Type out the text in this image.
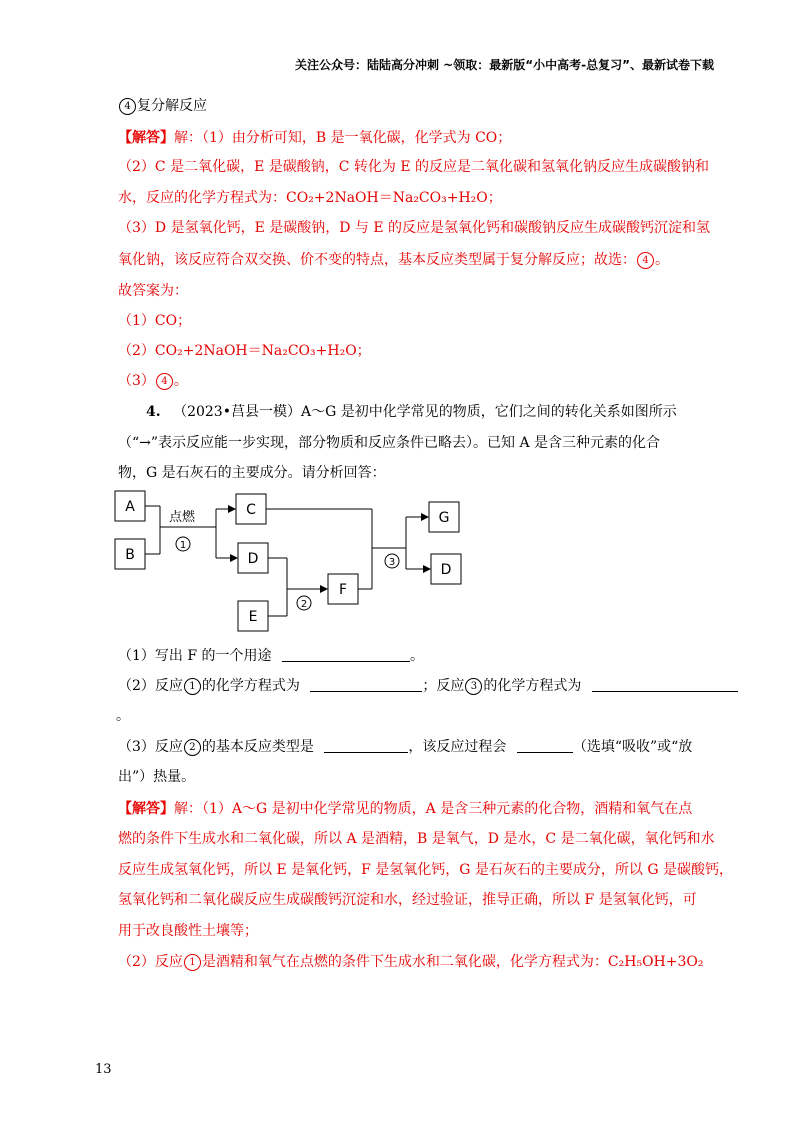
关注公众号：陆陆高分冲刺 ~领取：最新版“小中高考-总复习”、最新试卷下载
4 复分解反应
【解答】解：（1）由分析可知，B 是一氧化碳，化学式为 CO；
（2）C 是二氧化碳，E 是碳酸钠，C 转化为 E 的反应是二氧化碳和氢氧化钠反应生成碳酸钠和
水，反应的化学方程式为：CO₂+2NaOH＝Na₂CO₃+H₂O；
（3）D 是氢氧化钙，E 是碳酸钠，D 与 E 的反应是氢氧化钙和碳酸钠反应生成碳酸钙沉淀和氢
氧化钠，该反应符合双交换、价不变的特点，基本反应类型属于复分解反应；故选： 4 。
故答案为：
（1）CO；
（2）CO₂+2NaOH＝Na₂CO₃+H₂O；
（3） 4 。
4. （2023•莒县一模）A～G 是初中化学常见的物质，它们之间的转化关系如图所示
（“→”表示反应能一步实现，部分物质和反应条件已略去）。已知 A 是含三种元素的化合
物，G 是石灰石的主要成分。请分析回答：
A
B
C
D
E
F
G
D
点燃
1
2
3
（1）写出 F 的一个用途	。
（2）反应 1 的化学方程式为	；反应 3 的化学方程式为
。
（3）反应 2 的基本反应类型是	，该反应过程会	（选填“吸收”或“放
出”）热量。
【解答】解：（1）A～G 是初中化学常见的物质，A 是含三种元素的化合物，酒精和氧气在点
燃的条件下生成水和二氧化碳，所以 A 是酒精，B 是氧气，D 是水，C 是二氧化碳，氧化钙和水
反应生成氢氧化钙，所以 E 是氧化钙，F 是氢氧化钙，G 是石灰石的主要成分，所以 G 是碳酸钙，
氢氧化钙和二氧化碳反应生成碳酸钙沉淀和水，经过验证，推导正确，所以 F 是氢氧化钙，可
用于改良酸性土壤等；
（2）反应 1 是酒精和氧气在点燃的条件下生成水和二氧化碳，化学方程式为：C₂H₅OH+3O₂
13
